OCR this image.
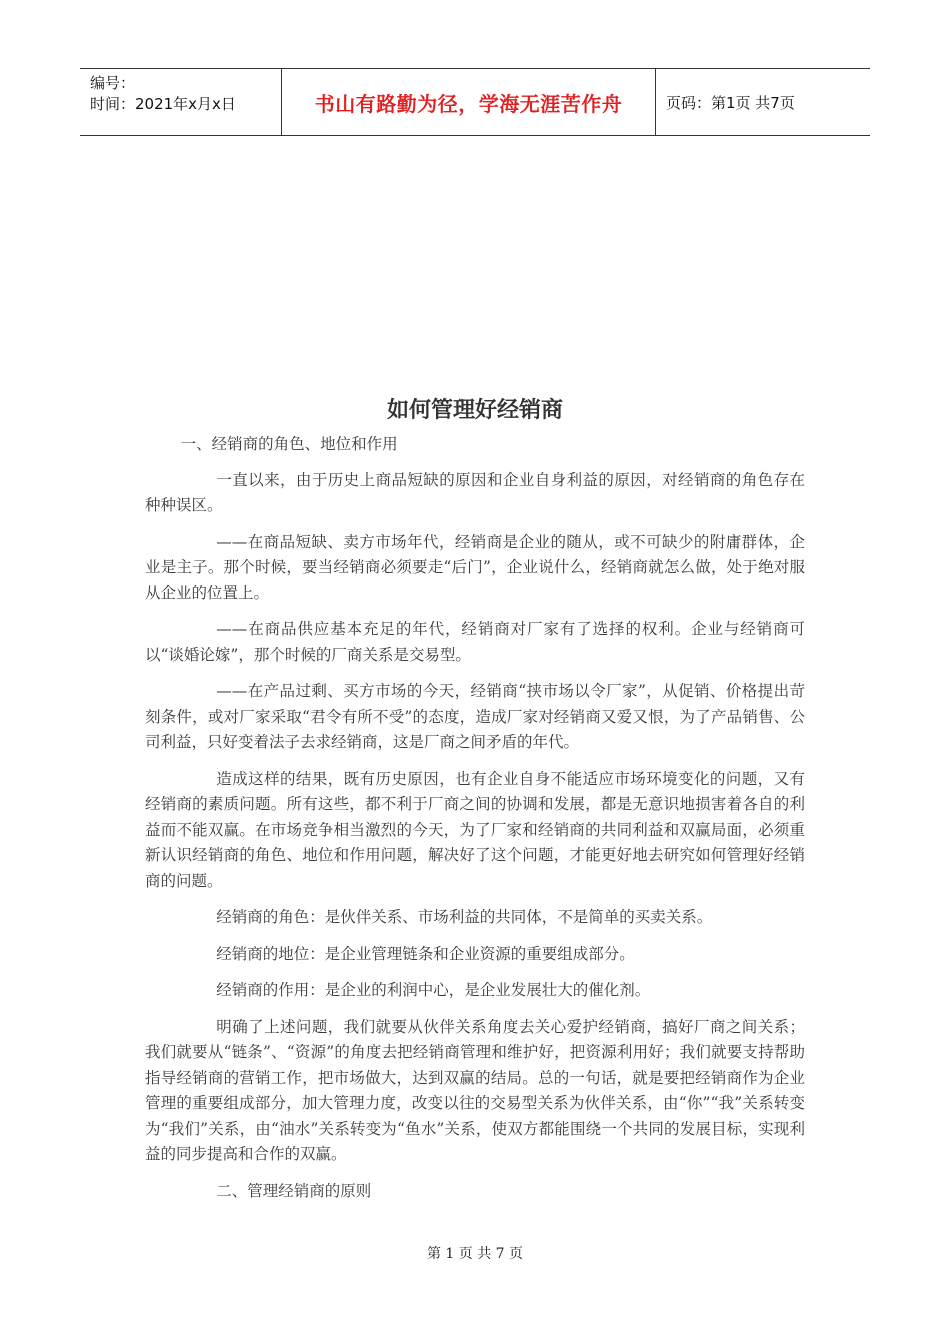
编号：
时间：2021年x月x日	书山有路勤为径，学海无涯苦作舟	页码：第1页 共7页
如何管理好经销商

一、经销商的角色、地位和作用

一直以来，由于历史上商品短缺的原因和企业自身利益的原因，对经销商的角色存在种种误区。

——在商品短缺、卖方市场年代，经销商是企业的随从，或不可缺少的附庸群体，企业是主子。那个时候，要当经销商必须要走“后门”，企业说什么，经销商就怎么做，处于绝对服从企业的位置上。

——在商品供应基本充足的年代，经销商对厂家有了选择的权利。企业与经销商可以“谈婚论嫁”，那个时候的厂商关系是交易型。

——在产品过剩、买方市场的今天，经销商“挟市场以令厂家”，从促销、价格提出苛刻条件，或对厂家采取“君令有所不受”的态度，造成厂家对经销商又爱又恨，为了产品销售、公司利益，只好变着法子去求经销商，这是厂商之间矛盾的年代。

造成这样的结果，既有历史原因，也有企业自身不能适应市场环境变化的问题，又有经销商的素质问题。所有这些，都不利于厂商之间的协调和发展，都是无意识地损害着各自的利益而不能双赢。在市场竞争相当激烈的今天，为了厂家和经销商的共同利益和双赢局面，必须重新认识经销商的角色、地位和作用问题，解决好了这个问题，才能更好地去研究如何管理好经销商的问题。

经销商的角色：是伙伴关系、市场利益的共同体，不是简单的买卖关系。

经销商的地位：是企业管理链条和企业资源的重要组成部分。

经销商的作用：是企业的利润中心，是企业发展壮大的催化剂。

明确了上述问题，我们就要从伙伴关系角度去关心爱护经销商，搞好厂商之间关系；我们就要从“链条”、“资源”的角度去把经销商管理和维护好，把资源利用好；我们就要支持帮助指导经销商的营销工作，把市场做大，达到双赢的结局。总的一句话，就是要把经销商作为企业管理的重要组成部分，加大管理力度，改变以往的交易型关系为伙伴关系，由“你”“我”关系转变为“我们”关系，由“油水”关系转变为“鱼水”关系，使双方都能围绕一个共同的发展目标，实现利益的同步提高和合作的双赢。

二、管理经销商的原则

第 1 页 共 7 页
